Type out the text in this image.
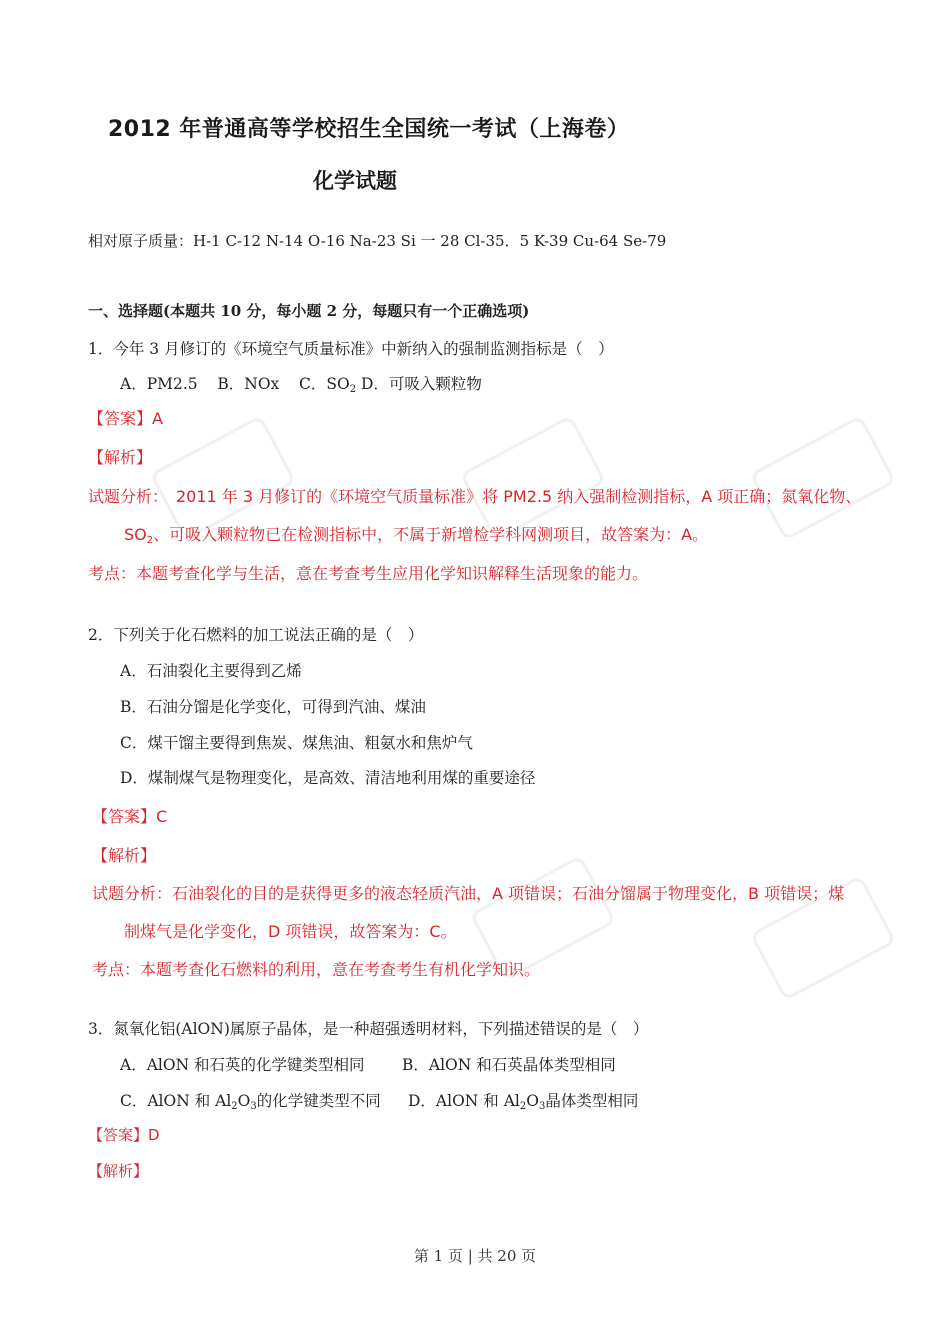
2012 年普通高等学校招生全国统一考试（上海卷）
化学试题
相对原子质量：H-1 C-12 N-14 O-16 Na-23 Si 一 28 Cl-35．5 K-39 Cu-64 Se-79
一、选择题(本题共 10 分，每小题 2 分，每题只有一个正确选项)
1．今年 3 月修订的《环境空气质量标准》中新纳入的强制监测指标是（　）
A．PM2.5 B．NOx C．$SO_2$ D．可吸入颗粒物
【答案】A
【解析】
试题分析：　2011 年 3 月修订的《环境空气质量标准》将 PM2.5 纳入强制检测指标，A 项正确；氮氧化物、
$SO_2$、可吸入颗粒物已在检测指标中，不属于新增检学科网测项目，故答案为：A。
考点：本题考查化学与生活，意在考查考生应用化学知识解释生活现象的能力。
2．下列关于化石燃料的加工说法正确的是（　）
A．石油裂化主要得到乙烯
B．石油分馏是化学变化，可得到汽油、煤油
C．煤干馏主要得到焦炭、煤焦油、粗氨水和焦炉气
D．煤制煤气是物理变化，是高效、清洁地利用煤的重要途径
【答案】C
【解析】
试题分析：石油裂化的目的是获得更多的液态轻质汽油，A 项错误；石油分馏属于物理变化，B 项错误；煤
制煤气是化学变化，D 项错误，故答案为：C。
考点：本题考查化石燃料的利用，意在考查考生有机化学知识。
3．氮氧化铝(AlON)属原子晶体，是一种超强透明材料，下列描述错误的是（　）
A．AlON 和石英的化学键类型相同 B．AlON 和石英晶体类型相同
C．AlON 和 $Al_2O_3$的化学键类型不同 D．AlON 和 $Al_2O_3$晶体类型相同
【答案】D
【解析】
第 1 页 | 共 20 页
